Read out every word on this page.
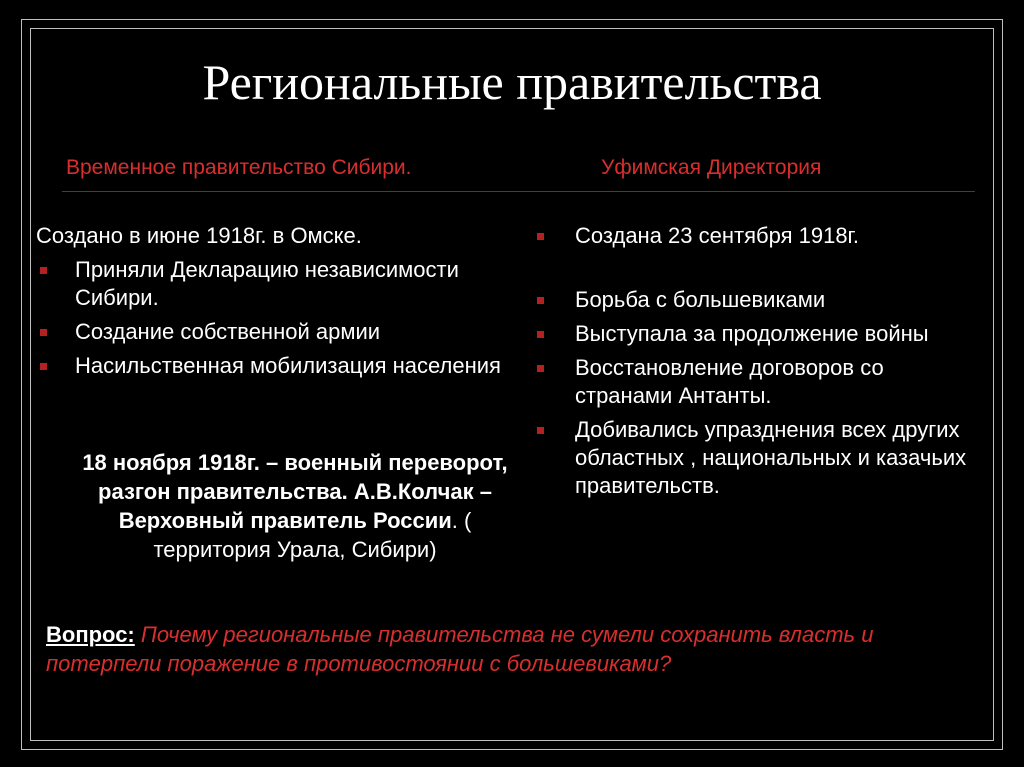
Региональные правительства
Временное правительство Сибири.	Уфимская Директория

Создано в июне 1918г. в Омске.

Приняли Декларацию независимости Сибири.
Создание собственной армии
Насильственная мобилизация населения
18 ноября 1918г. – военный переворот, разгон правительства. А.В.Колчак – Верховный правитель России. ( территория Урала, Сибири)
Создана 23 сентября 1918г.
Борьба с большевиками
Выступала за продолжение войны
Восстановление договоров со странами Антанты.
Добивались упразднения всех других областных , национальных и казачьих правительств.
Вопрос: Почему региональные правительства не сумели сохранить власть и потерпели поражение в противостоянии с большевиками?
